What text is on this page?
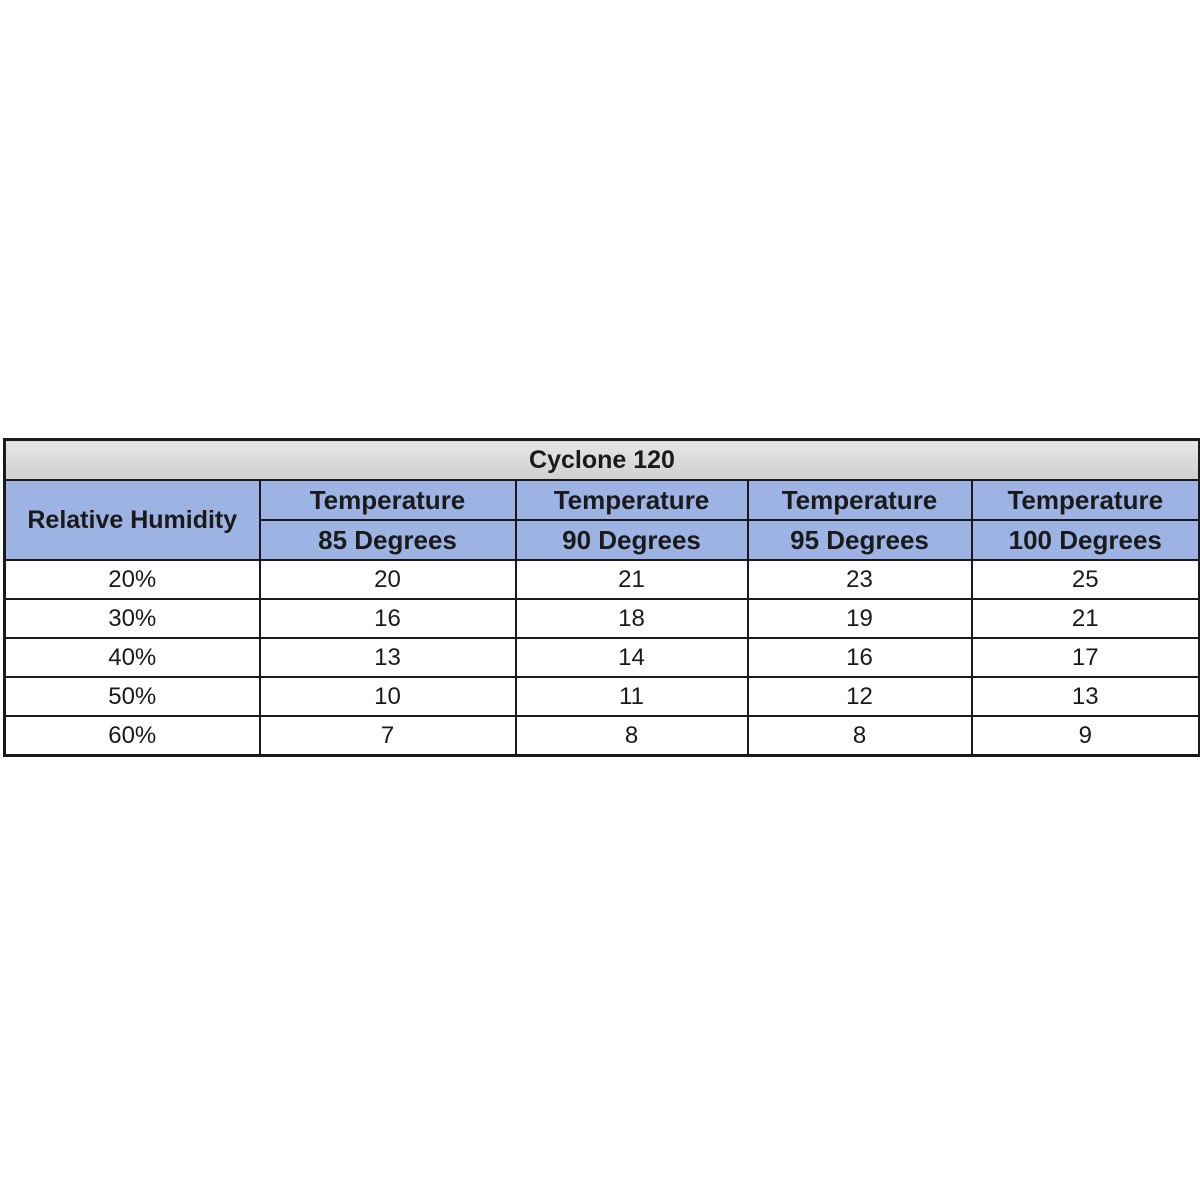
Cyclone 120				
Relative Humidity	Temperature	Temperature	Temperature	Temperature
	85 Degrees	90 Degrees	95 Degrees	100 Degrees
20%	20	21	23	25
30%	16	18	19	21
40%	13	14	16	17
50%	10	11	12	13
60%	7	8	8	9
